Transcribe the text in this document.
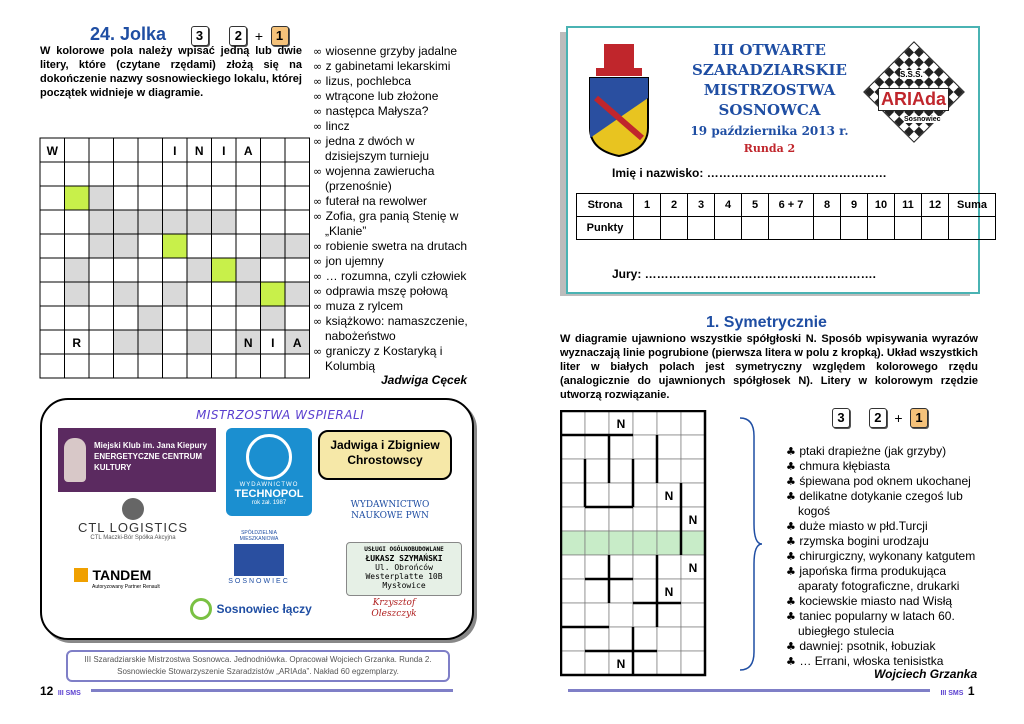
24. Jolka 3 2 + 1
W kolorowe pola należy wpisać jedną lub dwie litery, które (czytane rzędami) złożą się na dokończenie nazwy sosnowieckiego lokalu, której początek widnieje w diagramie.
W	I N I A
R	N I A
∞ wiosenne grzyby jadalne
∞ z gabinetami lekarskimi
∞ lizus, pochlebca
∞ wtrącone lub złożone
∞ następca Małysza?
∞ lincz
∞ jedna z dwóch w dzisiejszym turnieju
∞ wojenna zawierucha (przenośnie)
∞ futerał na rewolwer
∞ Zofia, gra panią Stenię w „Klanie”
∞ robienie swetra na drutach
∞ jon ujemny
∞ … rozumna, czyli człowiek
∞ odprawia mszę połową
∞ muza z rylcem
∞ książkowo: namaszczenie, nabożeństwo
∞ graniczy z Kostaryką i Kolumbią
Jadwiga Cęcek
MISTRZOSTWA WSPIERALI
Miejski Klub im. Jana Kiepury ENERGETYCZNE CENTRUM KULTURY
WYDAWNICTWO
TECHNOPOL
rok zał. 1987
Jadwiga i Zbigniew Chrostowscy
CTL LOGISTICS
CTL Maczki-Bór Spółka Akcyjna
WYDAWNICTWO NAUKOWE PWN
SPÓŁDZIELNIA MIESZKANIOWA
SOSNOWIEC
USŁUGI OGÓLNOBUDOWLANE
ŁUKASZ SZYMAŃSKI
Ul. Obrońców
Westerplatte 10B
Mysłowice
TANDEM
Autoryzowany Partner Renault
Sosnowiec łączy	Krzysztof Oleszczyk
III Szaradziarskie Mistrzostwa Sosnowca. Jednodniówka. Opracował Wojciech Grzanka. Runda 2. Sosnowieckie Stowarzyszenie Szaradzistów „ARIAda”. Nakład 60 egzemplarzy.
12 III SMS
III OTWARTE SZARADZIARSKIE MISTRZOSTWA SOSNOWCA
19 października 2013 r.
Runda 2
S.S.S.
ARIAda
Sosnowiec
Imię i nazwisko: ………………………………………
Strona	1	2	3	4	5	6 + 7	8	9	10	11	12	Suma
Punkty												
Jury: ………………………………………………….
1. Symetrycznie
W diagramie ujawniono wszystkie spółgłoski N. Sposób wpisywania wyrazów wyznaczają linie pogrubione (pierwsza litera w polu z kropką). Układ wszystkich liter w białych polach jest symetryczny względem kolorowego rzędu (analogicznie do ujawnionych spółgłosek N). Litery w kolorowym rzędzie utworzą rozwiązanie.
3 2 + 1
N
N
N
N
N
N
♣ ptaki drapieżne (jak grzyby)
♣ chmura kłębiasta
♣ śpiewana pod oknem ukochanej
♣ delikatne dotykanie czegoś lub kogoś
♣ duże miasto w płd.Turcji
♣ rzymska bogini urodzaju
♣ chirurgiczny, wykonany katgutem
♣ japońska firma produkująca aparaty fotograficzne, drukarki
♣ kociewskie miasto nad Wisłą
♣ taniec popularny w latach 60. ubiegłego stulecia
♣ dawniej: psotnik, łobuziak
♣ … Errani, włoska tenisistka
Wojciech Grzanka
III SMS 1
